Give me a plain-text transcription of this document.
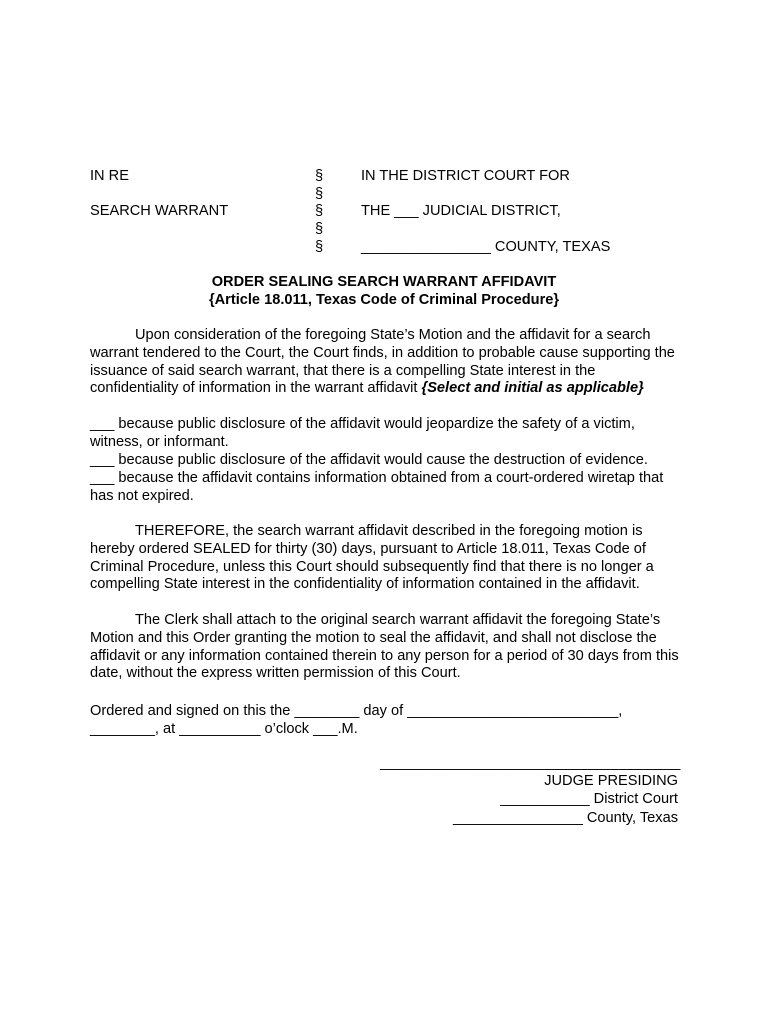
IN RE
SEARCH WARRANT
§
§
§
§
§
IN THE DISTRICT COURT FOR
THE ___ JUDICIAL DISTRICT,
________________ COUNTY, TEXAS
ORDER SEALING SEARCH WARRANT AFFIDAVIT
{Article 18.011, Texas Code of Criminal Procedure}
Upon consideration of the foregoing State’s Motion and the affidavit for a search warrant tendered to the Court, the Court finds, in addition to probable cause supporting the issuance of said search warrant, that there is a compelling State interest in the confidentiality of information in the warrant affidavit {Select and initial as applicable}
___ because public disclosure of the affidavit would jeopardize the safety of a victim, witness, or informant.
___ because public disclosure of the affidavit would cause the destruction of evidence.
___ because the affidavit contains information obtained from a court-ordered wiretap that has not expired.
THEREFORE, the search warrant affidavit described in the foregoing motion is hereby ordered SEALED for thirty (30) days, pursuant to Article 18.011, Texas Code of Criminal Procedure, unless this Court should subsequently find that there is no longer a compelling State interest in the confidentiality of information contained in the affidavit.
The Clerk shall attach to the original search warrant affidavit the foregoing State’s Motion and this Order granting the motion to seal the affidavit, and shall not disclose the affidavit or any information contained therein to any person for a period of 30 days from this date, without the express written permission of this Court.
Ordered and signed on this the ________ day of __________________________,
________, at __________ o’clock ___.M.
_____________________________________
JUDGE PRESIDING
___________ District Court
________________ County, Texas
